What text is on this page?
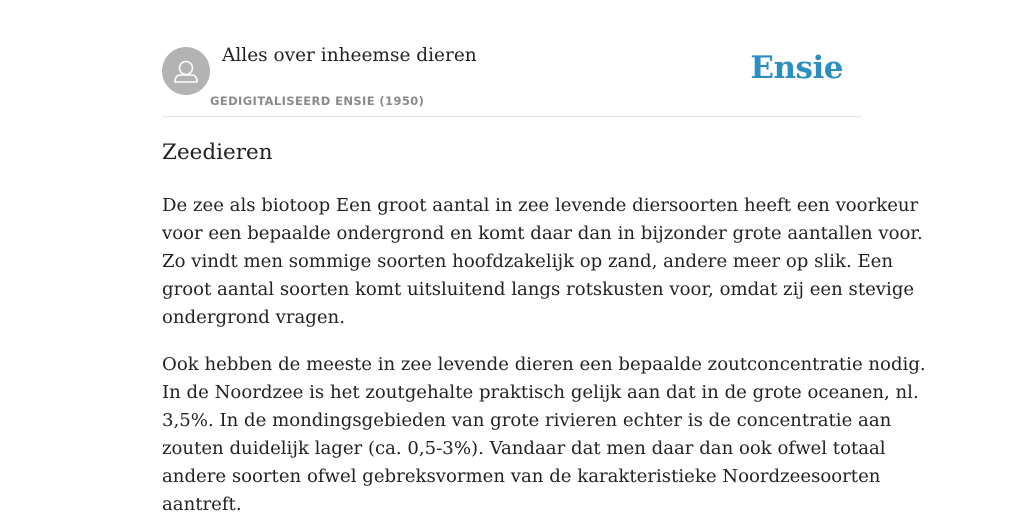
Alles over inheemse dieren
GEDIGITALISEERD ENSIE (1950)
Ensie
Zeedieren

De zee als biotoop Een groot aantal in zee levende diersoorten heeft een voorkeur
voor een bepaalde ondergrond en komt daar dan in bijzonder grote aantallen voor.
Zo vindt men sommige soorten hoofdzakelijk op zand, andere meer op slik. Een
groot aantal soorten komt uitsluitend langs rotskusten voor, omdat zij een stevige
ondergrond vragen.

Ook hebben de meeste in zee levende dieren een bepaalde zoutconcentratie nodig.
In de Noordzee is het zoutgehalte praktisch gelijk aan dat in de grote oceanen, nl.
3,5%. In de mondingsgebieden van grote rivieren echter is de concentratie aan
zouten duidelijk lager (ca. 0,5-3%). Vandaar dat men daar dan ook ofwel totaal
andere soorten ofwel gebreksvormen van de karakteristieke Noordzeesoorten
aantreft.
